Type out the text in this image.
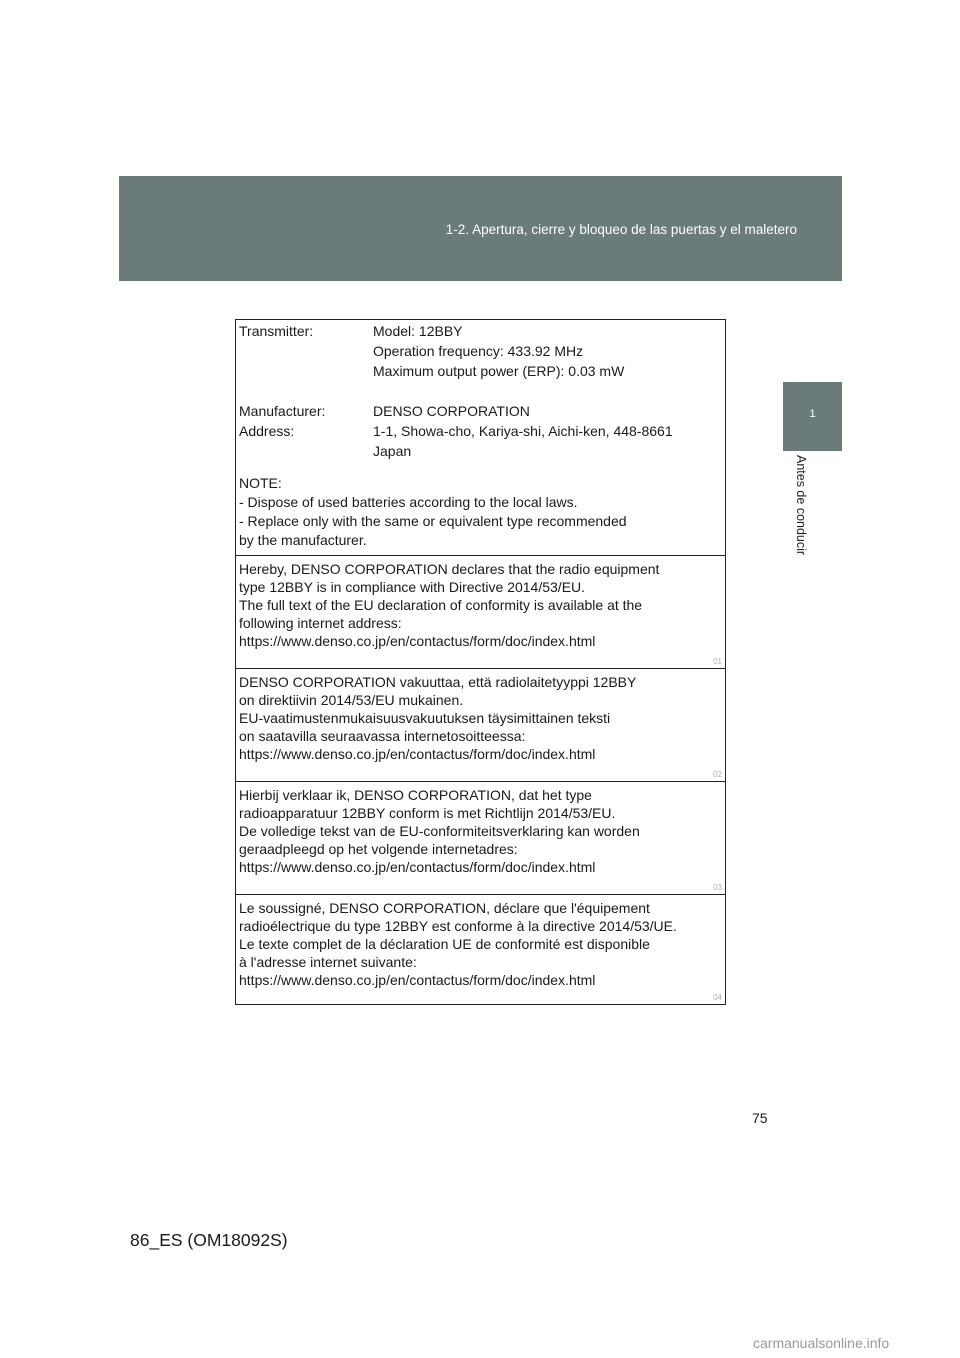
1-2. Apertura, cierre y bloqueo de las puertas y el maletero
1
Antes de conducir
Transmitter:	Model: 12BBY
Operation frequency: 433.92 MHz
Maximum output power (ERP): 0.03 mW
Manufacturer:	DENSO CORPORATION
Address:	1-1, Showa-cho, Kariya-shi, Aichi-ken, 448-8661
Japan
NOTE:
- Dispose of used batteries according to the local laws.
- Replace only with the same or equivalent type recommended
by the manufacturer.
Hereby, DENSO CORPORATION declares that the radio equipment
type 12BBY is in compliance with Directive 2014/53/EU.
The full text of the EU declaration of conformity is available at the
following internet address:
https://www.denso.co.jp/en/contactus/form/doc/index.html
01
DENSO CORPORATION vakuuttaa, että radiolaitetyyppi 12BBY
on direktiivin 2014/53/EU mukainen.
EU-vaatimustenmukaisuusvakuutuksen täysimittainen teksti
on saatavilla seuraavassa internetosoitteessa:
https://www.denso.co.jp/en/contactus/form/doc/index.html
02
Hierbij verklaar ik, DENSO CORPORATION, dat het type
radioapparatuur 12BBY conform is met Richtlijn 2014/53/EU.
De volledige tekst van de EU-conformiteitsverklaring kan worden
geraadpleegd op het volgende internetadres:
https://www.denso.co.jp/en/contactus/form/doc/index.html
03
Le soussigné, DENSO CORPORATION, déclare que l'équipement
radioélectrique du type 12BBY est conforme à la directive 2014/53/UE.
Le texte complet de la déclaration UE de conformité est disponible
à l'adresse internet suivante:
https://www.denso.co.jp/en/contactus/form/doc/index.html
04
75
86_ES (OM18092S)
carmanualsonline.info
